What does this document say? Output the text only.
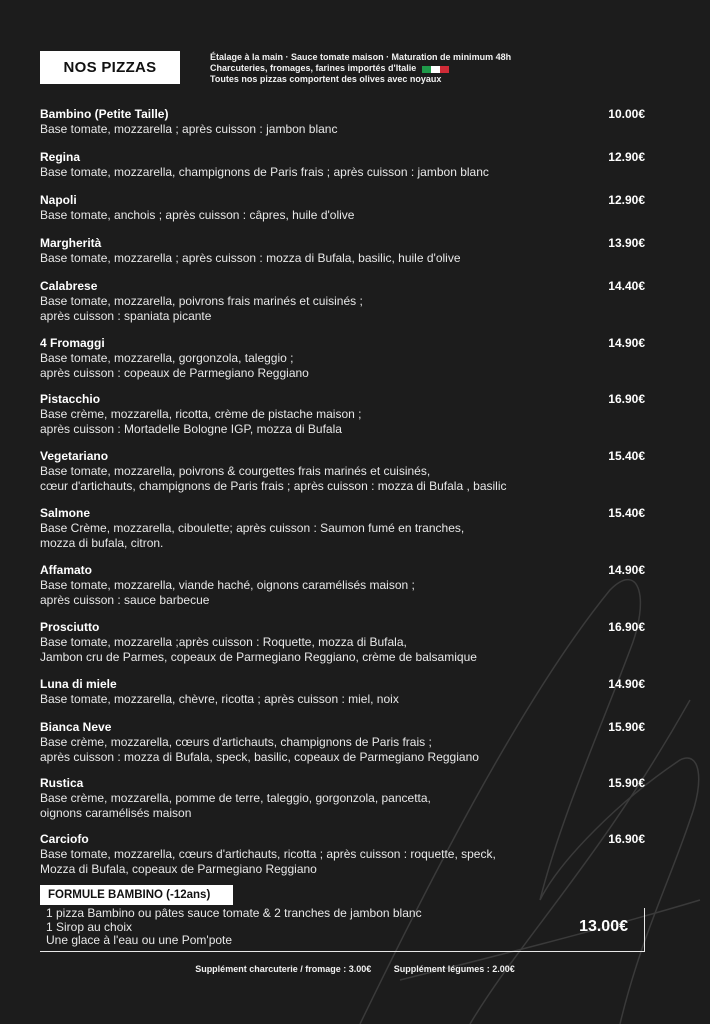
NOS PIZZAS
Étalage à la main · Sauce tomate maison · Maturation de minimum 48h
Charcuteries, fromages, farines importés d'Italie
Toutes nos pizzas comportent des olives avec noyaux
Bambino (Petite Taille)
Base tomate, mozzarella ; après cuisson : jambon blanc
10.00€
Regina
Base tomate, mozzarella, champignons de Paris frais ; après cuisson : jambon blanc
12.90€
Napoli
Base tomate, anchois ; après cuisson : câpres, huile d'olive
12.90€
Margherità
Base tomate, mozzarella ; après cuisson : mozza di Bufala, basilic, huile d'olive
13.90€
Calabrese
Base tomate, mozzarella, poivrons frais marinés et cuisinés ;
après cuisson : spaniata picante
14.40€
4 Fromaggi
Base tomate, mozzarella, gorgonzola, taleggio ;
après cuisson : copeaux de Parmegiano Reggiano
14.90€
Pistacchio
Base crème, mozzarella, ricotta, crème de pistache maison ;
après cuisson : Mortadelle Bologne IGP, mozza di Bufala
16.90€
Vegetariano
Base tomate, mozzarella, poivrons & courgettes frais marinés et cuisinés,
cœur d'artichauts, champignons de Paris frais ; après cuisson : mozza di Bufala , basilic
15.40€
Salmone
Base Crème, mozzarella, ciboulette; après cuisson : Saumon fumé en tranches,
mozza di bufala, citron.
15.40€
Affamato
Base tomate, mozzarella, viande haché, oignons caramélisés maison ;
après cuisson : sauce barbecue
14.90€
Prosciutto
Base tomate, mozzarella ;après cuisson : Roquette, mozza di Bufala,
Jambon cru de Parmes, copeaux de Parmegiano Reggiano, crème de balsamique
16.90€
Luna di miele
Base tomate, mozzarella, chèvre, ricotta ; après cuisson : miel, noix
14.90€
Bianca Neve
Base crème, mozzarella, cœurs d'artichauts, champignons de Paris frais ;
après cuisson : mozza di Bufala, speck, basilic, copeaux de Parmegiano Reggiano
15.90€
Rustica
Base crème, mozzarella, pomme de terre, taleggio, gorgonzola, pancetta,
oignons caramélisés maison
15.90€
Carciofo
Base tomate, mozzarella, cœurs d'artichauts, ricotta ; après cuisson : roquette, speck,
Mozza di Bufala, copeaux de Parmegiano Reggiano
16.90€
FORMULE BAMBINO (-12ans)
1 pizza Bambino ou pâtes sauce tomate & 2 tranches de jambon blanc
1 Sirop au choix
Une glace à l'eau ou une Pom'pote
13.00€
Supplément charcuterie / fromage : 3.00€	Supplément légumes : 2.00€
